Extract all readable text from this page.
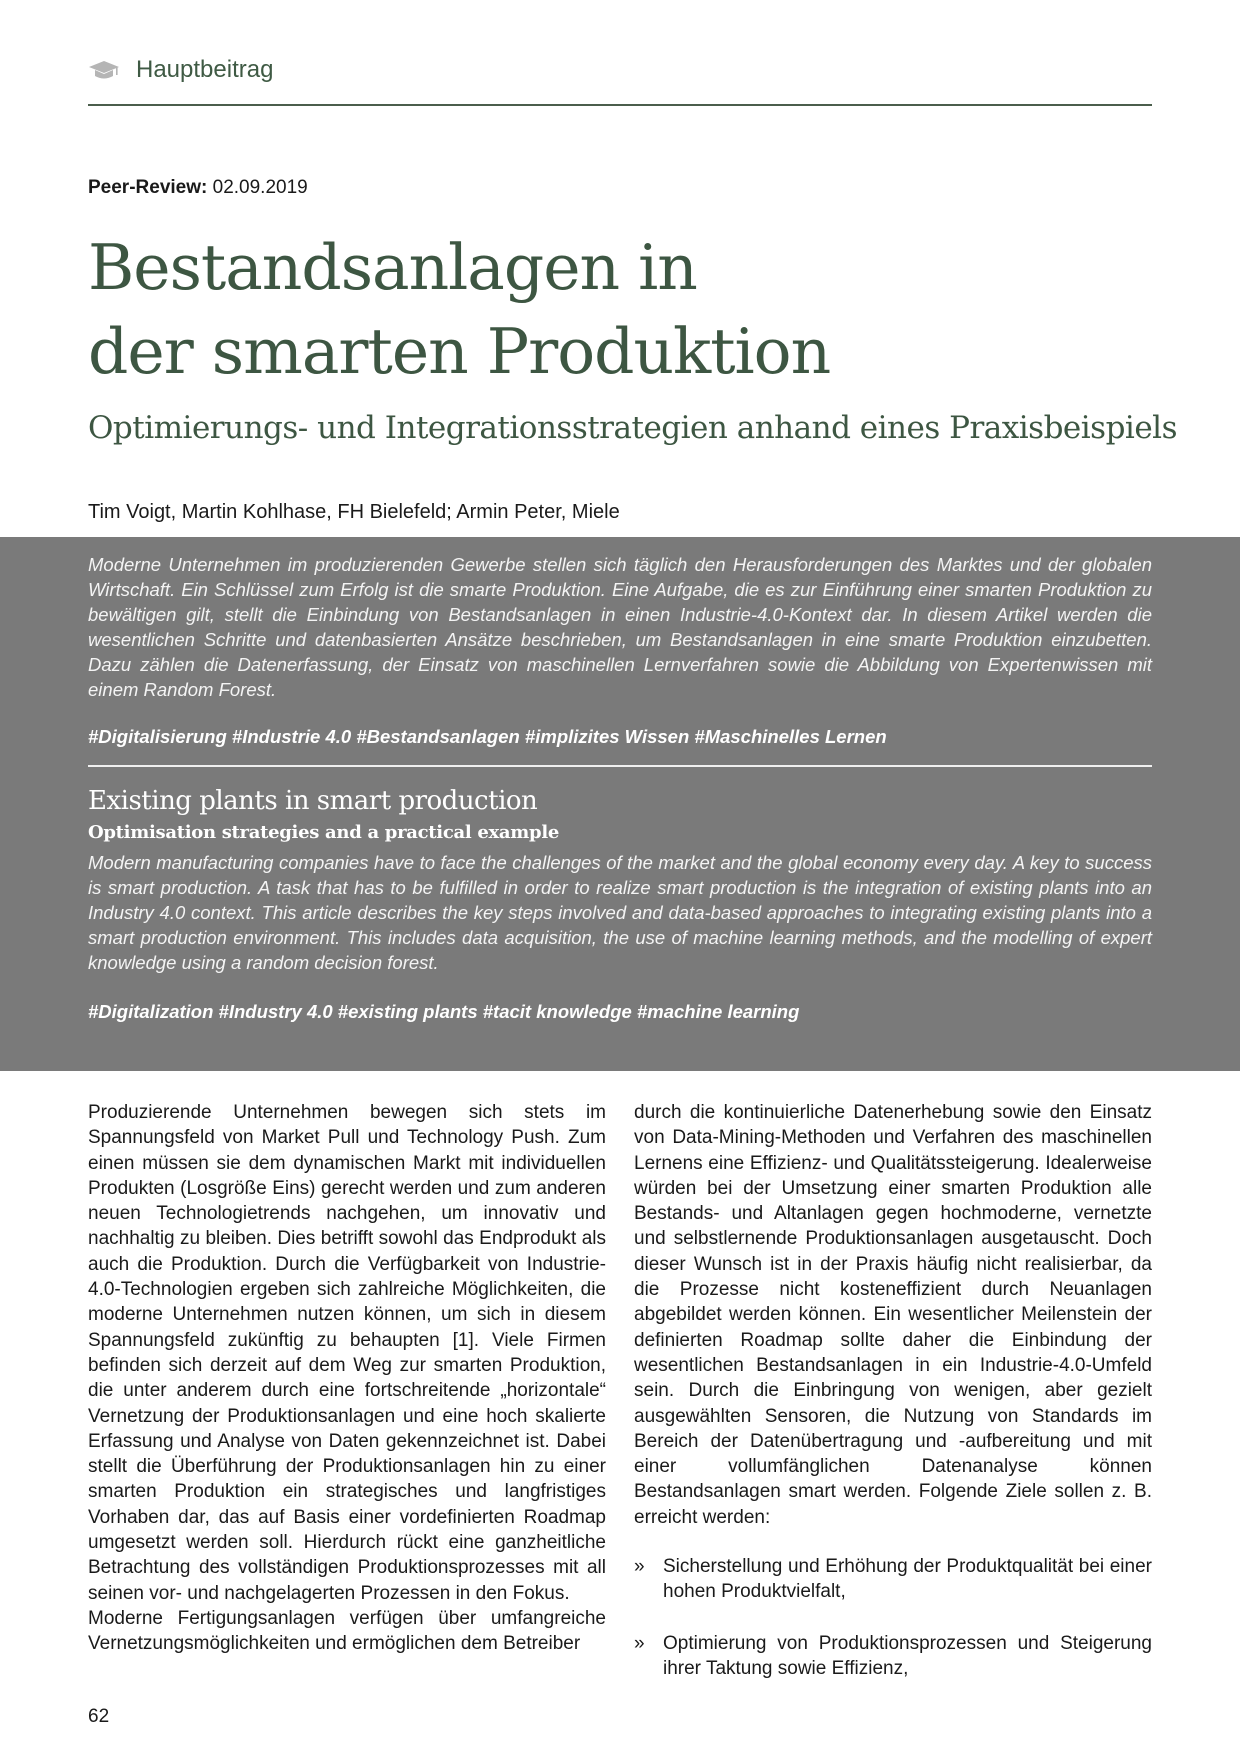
Hauptbeitrag
Peer-Review: 02.09.2019
Bestandsanlagen in
der smarten Produktion
Optimierungs- und Integrationsstrategien anhand eines Praxisbeispiels
Tim Voigt, Martin Kohlhase, FH Bielefeld; Armin Peter, Miele

Moderne Unternehmen im produzierenden Gewerbe stellen sich täglich den Herausforderungen des Marktes und der globalen Wirtschaft. Ein Schlüssel zum Erfolg ist die smarte Produktion. Eine Aufgabe, die es zur Einführung einer smarten Produktion zu bewältigen gilt, stellt die Einbindung von Bestandsanlagen in einen Industrie-4.0-Kontext dar. In diesem Artikel werden die wesentlichen Schritte und datenbasierten Ansätze beschrieben, um Bestandsanlagen in eine smarte Produktion einzubetten. Dazu zählen die Datenerfassung, der Einsatz von maschinellen Lernverfahren sowie die Abbildung von Expertenwissen mit einem Random Forest.

#Digitalisierung #Industrie 4.0 #Bestandsanlagen #implizites Wissen #Maschinelles Lernen
Existing plants in smart production
Optimisation strategies and a practical example

Modern manufacturing companies have to face the challenges of the market and the global economy every day. A key to success is smart production. A task that has to be fulfilled in order to realize smart production is the integration of existing plants into an Industry 4.0 context. This article describes the key steps involved and data-based approaches to integrating existing plants into a smart production environment. This includes data acquisition, the use of machine learning methods, and the modelling of expert knowledge using a random decision forest.

#Digitalization #Industry 4.0 #existing plants #tacit knowledge #machine learning

Produzierende Unternehmen bewegen sich stets im Spannungsfeld von Market Pull und Technology Push. Zum einen müssen sie dem dynamischen Markt mit individuellen Produkten (Losgröße Eins) gerecht werden und zum anderen neuen Technologietrends nachgehen, um innovativ und nachhaltig zu bleiben. Dies betrifft sowohl das Endprodukt als auch die Produktion. Durch die Verfügbarkeit von Industrie-4.0-Technologien ergeben sich zahlreiche Möglichkeiten, die moderne Unternehmen nutzen können, um sich in diesem Spannungsfeld zukünftig zu behaupten [1]. Viele Firmen befinden sich derzeit auf dem Weg zur smarten Produktion, die unter anderem durch eine fortschreitende „horizontale“ Vernetzung der Produktionsanlagen und eine hoch skalierte Erfassung und Analyse von Daten gekennzeichnet ist. Dabei stellt die Überführung der Produktionsanlagen hin zu einer smarten Produktion ein strategisches und langfristiges Vorhaben dar, das auf Basis einer vordefinierten Roadmap umgesetzt werden soll. Hierdurch rückt eine ganzheitliche Betrachtung des vollständigen Produktionsprozesses mit all seinen vor- und nachgelagerten Prozessen in den Fokus.

Moderne Fertigungsanlagen verfügen über umfangreiche Vernetzungsmöglichkeiten und ermöglichen dem Betreiber

durch die kontinuierliche Datenerhebung sowie den Einsatz von Data-Mining-Methoden und Verfahren des maschinellen Lernens eine Effizienz- und Qualitätssteigerung. Idealerweise würden bei der Umsetzung einer smarten Produktion alle Bestands- und Altanlagen gegen hochmoderne, vernetzte und selbstlernende Produktionsanlagen ausgetauscht. Doch dieser Wunsch ist in der Praxis häufig nicht realisierbar, da die Prozesse nicht kosteneffizient durch Neuanlagen abgebildet werden können. Ein wesentlicher Meilenstein der definierten Roadmap sollte daher die Einbindung der wesentlichen Bestandsanlagen in ein Industrie-4.0-Umfeld sein. Durch die Einbringung von wenigen, aber gezielt ausgewählten Sensoren, die Nutzung von Standards im Bereich der Datenübertragung und -aufbereitung und mit einer vollumfänglichen Datenanalyse können Bestandsanlagen smart werden. Folgende Ziele sollen z. B. erreicht werden:

» Sicherstellung und Erhöhung der Produktqualität bei einer hohen Produktvielfalt,
» Optimierung von Produktionsprozessen und Steigerung ihrer Taktung sowie Effizienz,
62
